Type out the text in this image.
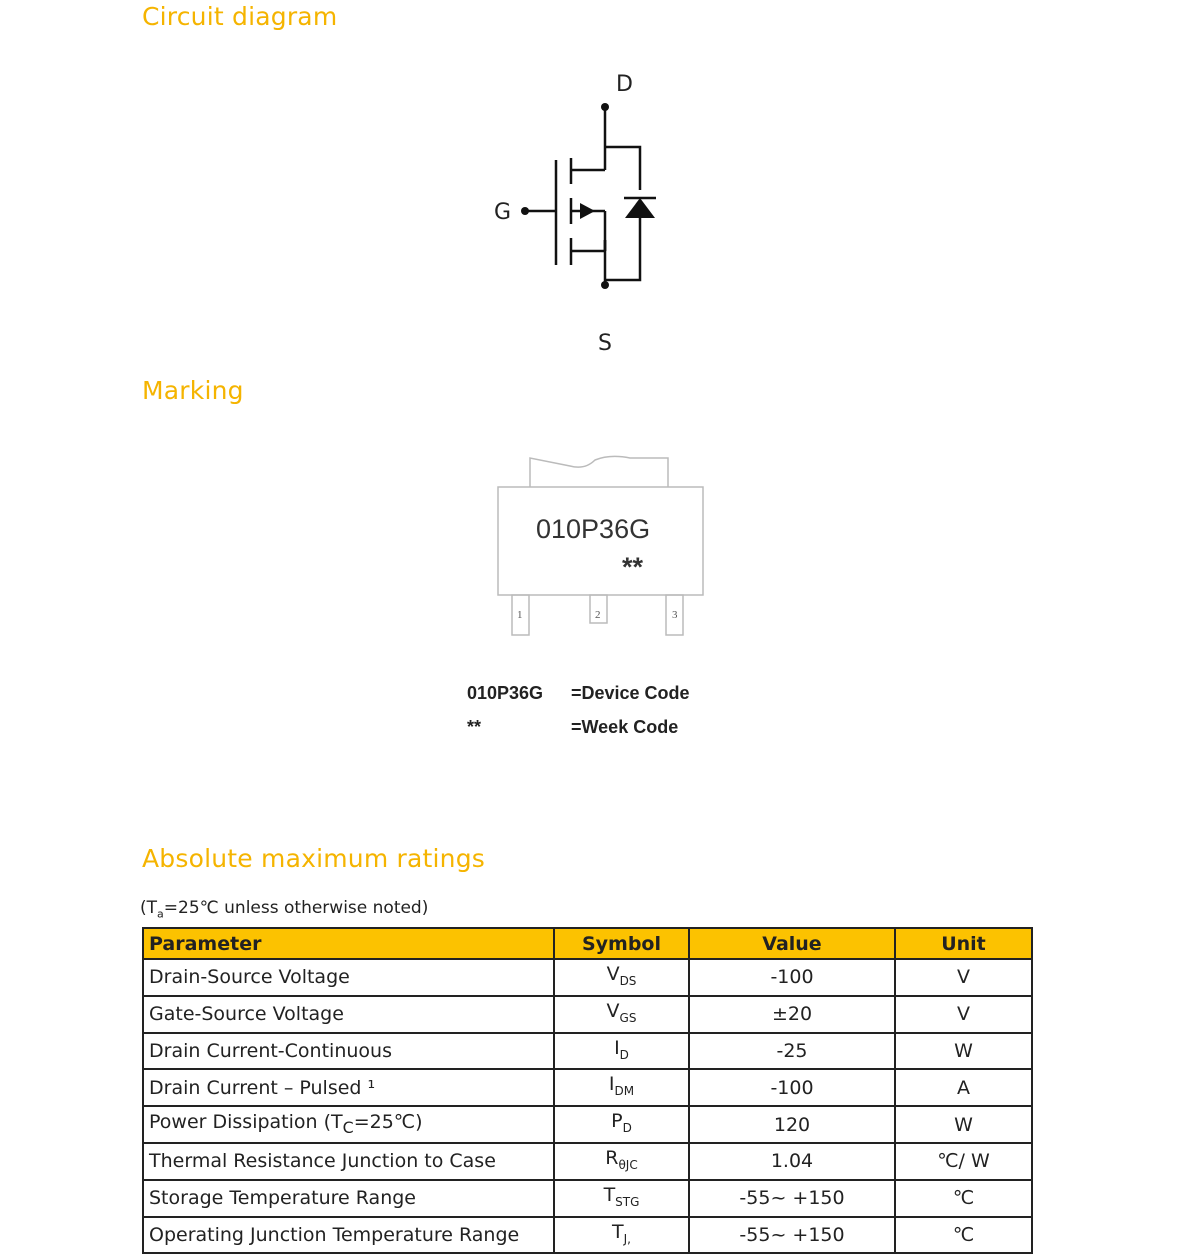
Circuit diagram
D
G
S
Marking
010P36G
**
1	2	3
010P36G =Device Code
**	=Week Code
Absolute maximum ratings
($T_a=25℃$ unless otherwise noted)
Parameter	Symbol	Value	Unit
Drain-Source Voltage	$V_{DS}$	-100	V
Gate-Source Voltage	$V_{GS}$	±20	V
Drain Current-Continuous	$I_D$	-25	W
Drain Current – Pulsed ¹	$I_{DM}$	-100	A
Power Dissipation $(T_C=25℃)$	$P_D$	120	W
Thermal Resistance Junction to Case	$R_{\theta JC}$	1.04	℃/ W
Storage Temperature Range	$T_{STG}$	-55~ +150	℃
Operating Junction Temperature Range	$T_{J,}$	-55~ +150	℃
